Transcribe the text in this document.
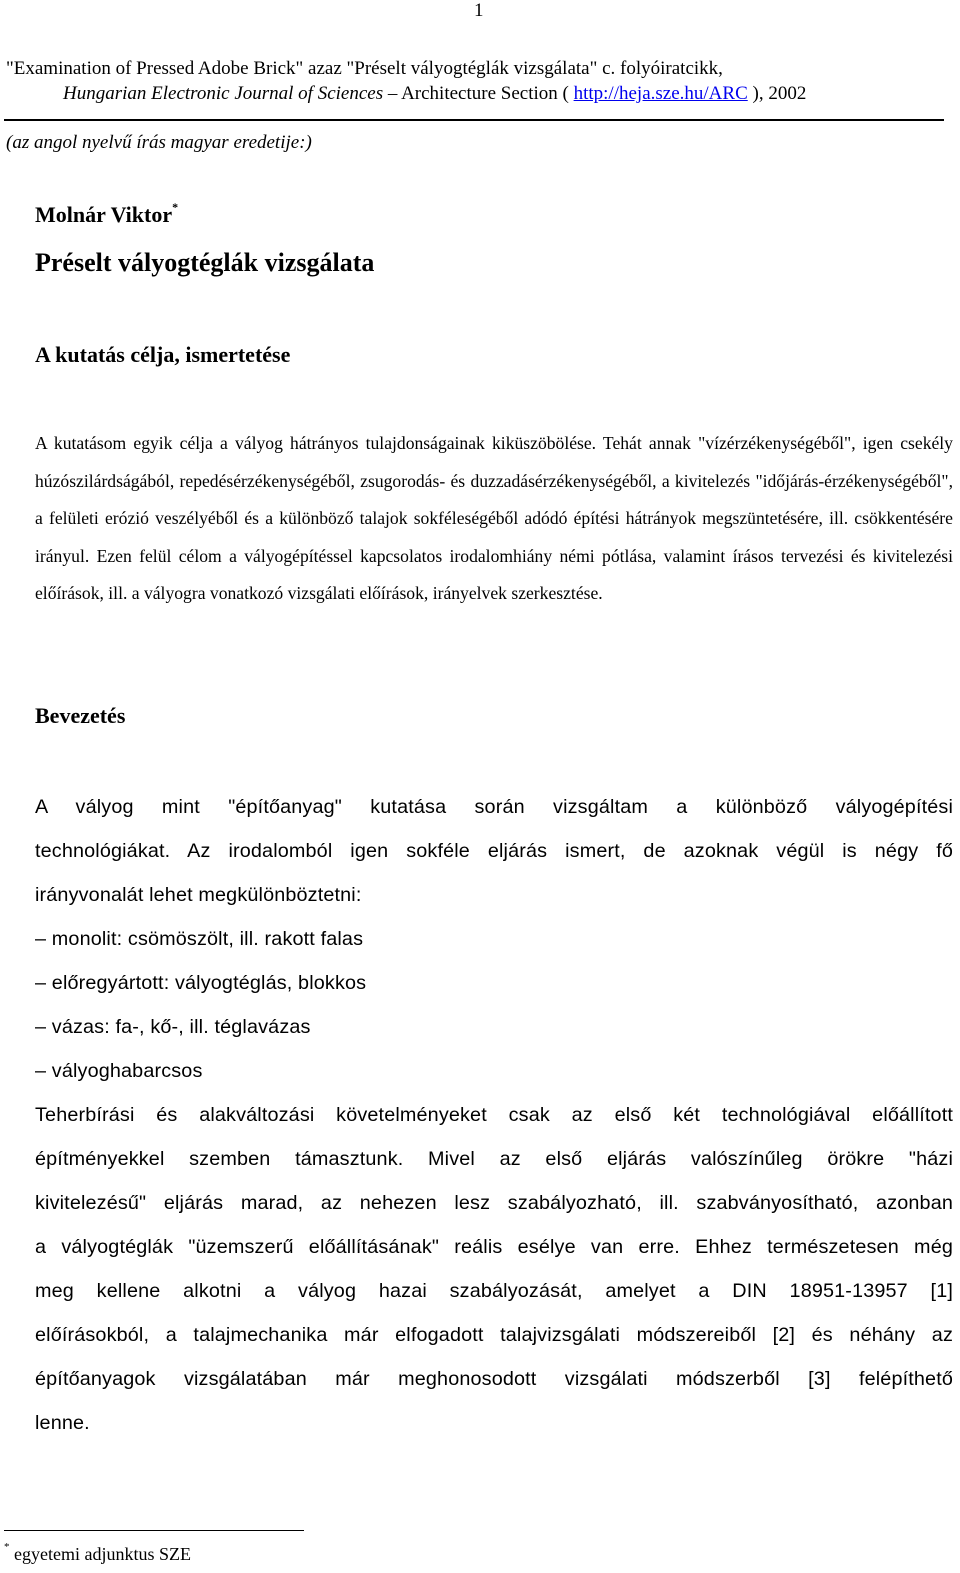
1
"Examination of Pressed Adobe Brick" azaz "Préselt vályogtéglák vizsgálata" c. folyóiratcikk,
Hungarian Electronic Journal of Sciences – Architecture Section ( http://heja.sze.hu/ARC ), 2002
(az angol nyelvű írás magyar eredetije:)
Molnár Viktor*
Préselt vályogtéglák vizsgálata
A kutatás célja, ismertetése
A kutatásom egyik célja a vályog hátrányos tulajdonságainak kiküszöbölése. Tehát annak "vízérzékenységéből", igen csekély húzószilárdságából, repedésérzékenységéből, zsugorodás- és duzzadásérzékenységéből, a kivitelezés "időjárás-érzékenységéből", a felületi erózió veszélyéből és a különböző talajok sokféleségéből adódó építési hátrányok megszüntetésére, ill. csökkentésére irányul. Ezen felül célom a vályogépítéssel kapcsolatos irodalomhiány némi pótlása, valamint írásos tervezési és kivitelezési előírások, ill. a vályogra vonatkozó vizsgálati előírások, irányelvek szerkesztése.
Bevezetés
A vályog mint "építőanyag" kutatása során vizsgáltam a különböző vályogépítési
technológiákat. Az irodalomból igen sokféle eljárás ismert, de azoknak végül is négy fő
irányvonalát lehet megkülönböztetni:
– monolit: csömöszölt, ill. rakott falas
– előregyártott: vályogtéglás, blokkos
– vázas: fa-, kő-, ill. téglavázas
– vályoghabarcsos
Teherbírási és alakváltozási követelményeket csak az első két technológiával előállított
építményekkel szemben támasztunk. Mivel az első eljárás valószínűleg örökre "házi
kivitelezésű" eljárás marad, az nehezen lesz szabályozható, ill. szabványosítható, azonban
a vályogtéglák "üzemszerű előállításának" reális esélye van erre. Ehhez természetesen még
meg kellene alkotni a vályog hazai szabályozását, amelyet a DIN 18951-13957 [1]
előírásokból, a talajmechanika már elfogadott talajvizsgálati módszereiből [2] és néhány az
építőanyagok vizsgálatában már meghonosodott vizsgálati módszerből [3] felépíthető
lenne.
* egyetemi adjunktus SZE
